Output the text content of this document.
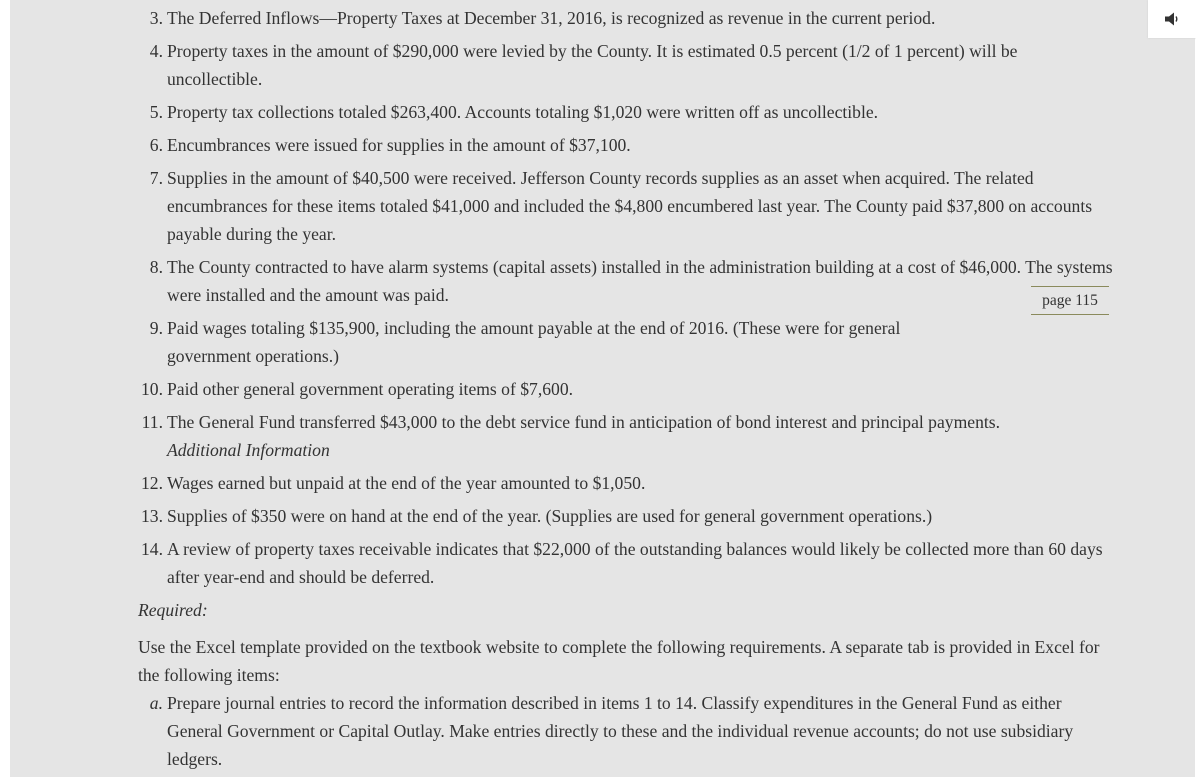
3. The Deferred Inflows—Property Taxes at December 31, 2016, is recognized as revenue in the current period.
4. Property taxes in the amount of $290,000 were levied by the County. It is estimated 0.5 percent (1/2 of 1 percent) will be uncollectible.
5. Property tax collections totaled $263,400. Accounts totaling $1,020 were written off as uncollectible.
6. Encumbrances were issued for supplies in the amount of $37,100.
7. Supplies in the amount of $40,500 were received. Jefferson County records supplies as an asset when acquired. The related encumbrances for these items totaled $41,000 and included the $4,800 encumbered last year. The County paid $37,800 on accounts payable during the year.
8. The County contracted to have alarm systems (capital assets) installed in the administration building at a cost of $46,000. The systems were installed and the amount was paid.
9. Paid wages totaling $135,900, including the amount payable at the end of 2016. (These were for general government operations.)
10. Paid other general government operating items of $7,600.
11. The General Fund transferred $43,000 to the debt service fund in anticipation of bond interest and principal payments.
Additional Information
12. Wages earned but unpaid at the end of the year amounted to $1,050.
13. Supplies of $350 were on hand at the end of the year. (Supplies are used for general government operations.)
14. A review of property taxes receivable indicates that $22,000 of the outstanding balances would likely be collected more than 60 days after year-end and should be deferred.
Required:
Use the Excel template provided on the textbook website to complete the following requirements. A separate tab is provided in Excel for the following items:
a. Prepare journal entries to record the information described in items 1 to 14. Classify expenditures in the General Fund as either General Government or Capital Outlay. Make entries directly to these and the individual revenue accounts; do not use subsidiary ledgers.
page 115
